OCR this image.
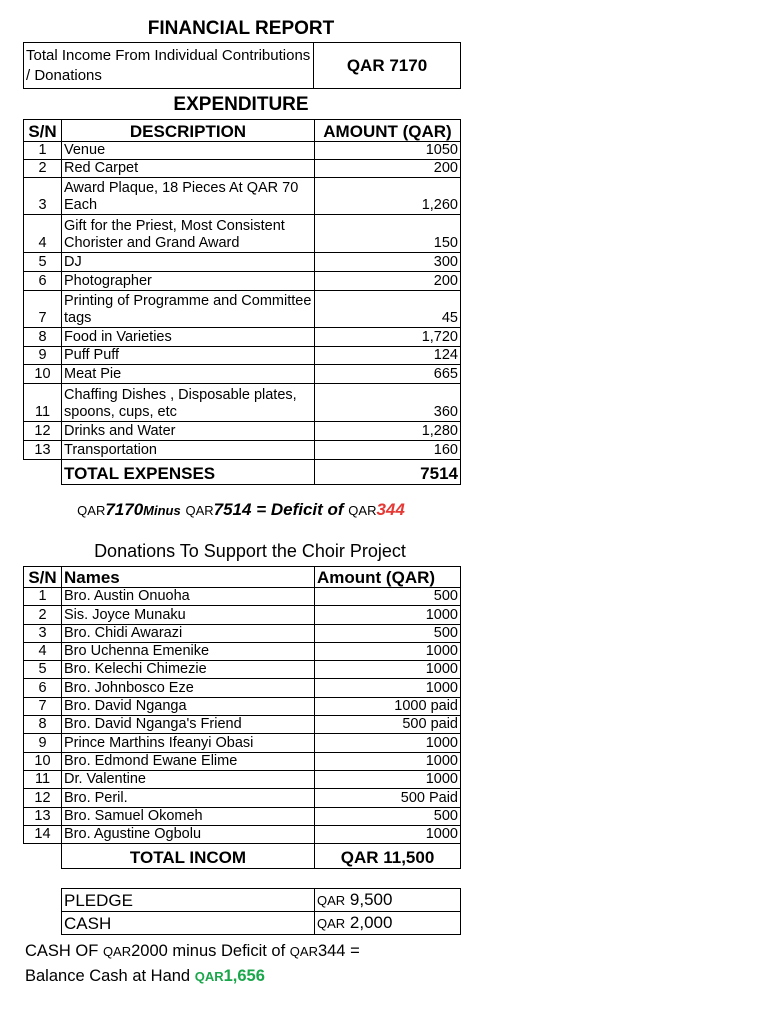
FINANCIAL REPORT
Total Income From Individual Contributions / Donations	QAR 7170
EXPENDITURE
S/N	DESCRIPTION	AMOUNT (QAR)
1	Venue	1050
2	Red Carpet	200
3	Award Plaque, 18 Pieces At QAR 70 Each	1,260
4	Gift for the Priest, Most Consistent Chorister and Grand Award	150
5	DJ	300
6	Photographer	200
7	Printing of Programme and Committee tags	45
8	Food in Varieties	1,720
9	Puff Puff	124
10	Meat Pie	665
11	Chaffing Dishes , Disposable plates, spoons, cups, etc	360
12	Drinks and Water	1,280
13	Transportation	160
	TOTAL EXPENSES	7514
QAR7170Minus QAR7514 = Deficit of QAR344
Donations To Support the Choir Project
S/N	Names	Amount (QAR)
1	Bro. Austin Onuoha	500
2	Sis. Joyce Munaku	1000
3	Bro. Chidi Awarazi	500
4	Bro Uchenna Emenike	1000
5	Bro. Kelechi Chimezie	1000
6	Bro. Johnbosco Eze	1000
7	Bro. David Nganga	1000 paid
8	Bro. David Nganga's Friend	500 paid
9	Prince Marthins Ifeanyi Obasi	1000
10	Bro. Edmond Ewane Elime	1000
11	Dr. Valentine	1000
12	Bro. Peril.	500 Paid
13	Bro. Samuel Okomeh	500
14	Bro. Agustine Ogbolu	1000
	TOTAL INCOM	QAR 11,500
PLEDGE	QAR 9,500
CASH	QAR 2,000
CASH OF QAR2000 minus Deficit of QAR344 =
Balance Cash at Hand QAR1,656
